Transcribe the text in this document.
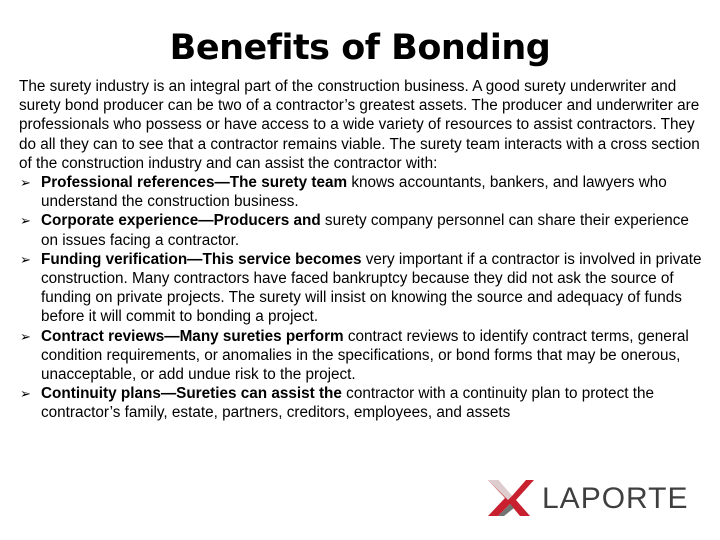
Benefits of Bonding

The surety industry is an integral part of the construction business. A good surety underwriter and surety bond producer can be two of a contractor’s greatest assets. The producer and underwriter are professionals who possess or have access to a wide variety of resources to assist contractors. They do all they can to see that a contractor remains viable. The surety team interacts with a cross section of the construction industry and can assist the contractor with:

➢ Professional references—The surety team knows accountants, bankers, and lawyers who understand the construction business.
➢ Corporate experience—Producers and surety company personnel can share their experience on issues facing a contractor.
➢ Funding verification—This service becomes very important if a contractor is involved in private construction. Many contractors have faced bankruptcy because they did not ask the source of funding on private projects. The surety will insist on knowing the source and adequacy of funds before it will commit to bonding a project.
➢ Contract reviews—Many sureties perform contract reviews to identify contract terms, general condition requirements, or anomalies in the specifications, or bond forms that may be onerous, unacceptable, or add undue risk to the project.
➢ Continuity plans—Sureties can assist the contractor with a continuity plan to protect the contractor’s family, estate, partners, creditors, employees, and assets
LAPORTE
